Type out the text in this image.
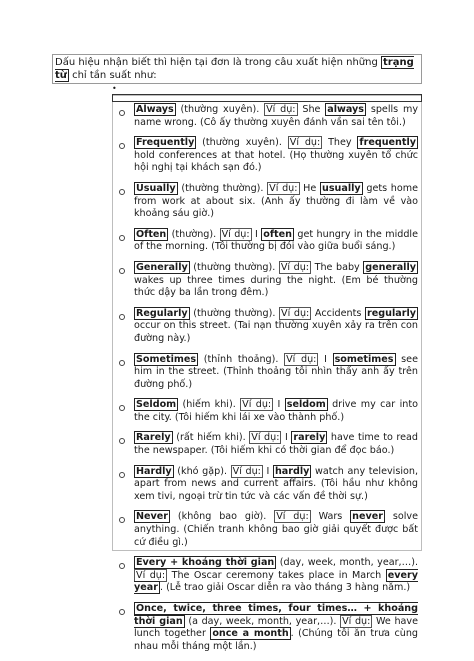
Dấu hiệu nhận biết thì hiện tại đơn là trong câu xuất hiện những trạng từ chỉ tần suất như:
•
Always (thường xuyên). Ví dụ: She always spells my name wrong. (Cô ấy thường xuyên đánh vần sai tên tôi.)
Frequently (thường xuyên). Ví dụ: They frequently hold conferences at that hotel. (Họ thường xuyên tổ chức hội nghị tại khách sạn đó.)
Usually (thường thường). Ví dụ: He usually gets home from work at about six. (Anh ấy thường đi làm về vào khoảng sáu giờ.)
Often (thường). Ví dụ: I often get hungry in the middle of the morning. (Tôi thường bị đói vào giữa buổi sáng.)
Generally (thường thường). Ví dụ: The baby generally wakes up three times during the night. (Em bé thường thức dậy ba lần trong đêm.)
Regularly (thường thường). Ví dụ: Accidents regularly occur on this street. (Tai nạn thường xuyên xảy ra trên con đường này.)
Sometimes (thỉnh thoảng). Ví dụ: I sometimes see him in the street. (Thỉnh thoảng tôi nhìn thấy anh ấy trên đường phố.)
Seldom (hiếm khi). Ví dụ: I seldom drive my car into the city. (Tôi hiếm khi lái xe vào thành phố.)
Rarely (rất hiếm khi). Ví dụ: I rarely have time to read the newspaper. (Tôi hiếm khi có thời gian để đọc báo.)
Hardly (khó gặp). Ví dụ: I hardly watch any television, apart from news and current affairs. (Tôi hầu như không xem tivi, ngoại trừ tin tức và các vấn đề thời sự.)
Never (không bao giờ). Ví dụ: Wars never solve anything. (Chiến tranh không bao giờ giải quyết được bất cứ điều gì.)
Every + khoảng thời gian (day, week, month, year,…). Ví dụ: The Oscar ceremony takes place in March every year . (Lễ trao giải Oscar diễn ra vào tháng 3 hàng năm.)
Once, twice, three times, four times… + khoảng thời gian (a day, week, month, year,…). Ví dụ: We have lunch together once a month . (Chúng tôi ăn trưa cùng nhau mỗi tháng một lần.)
